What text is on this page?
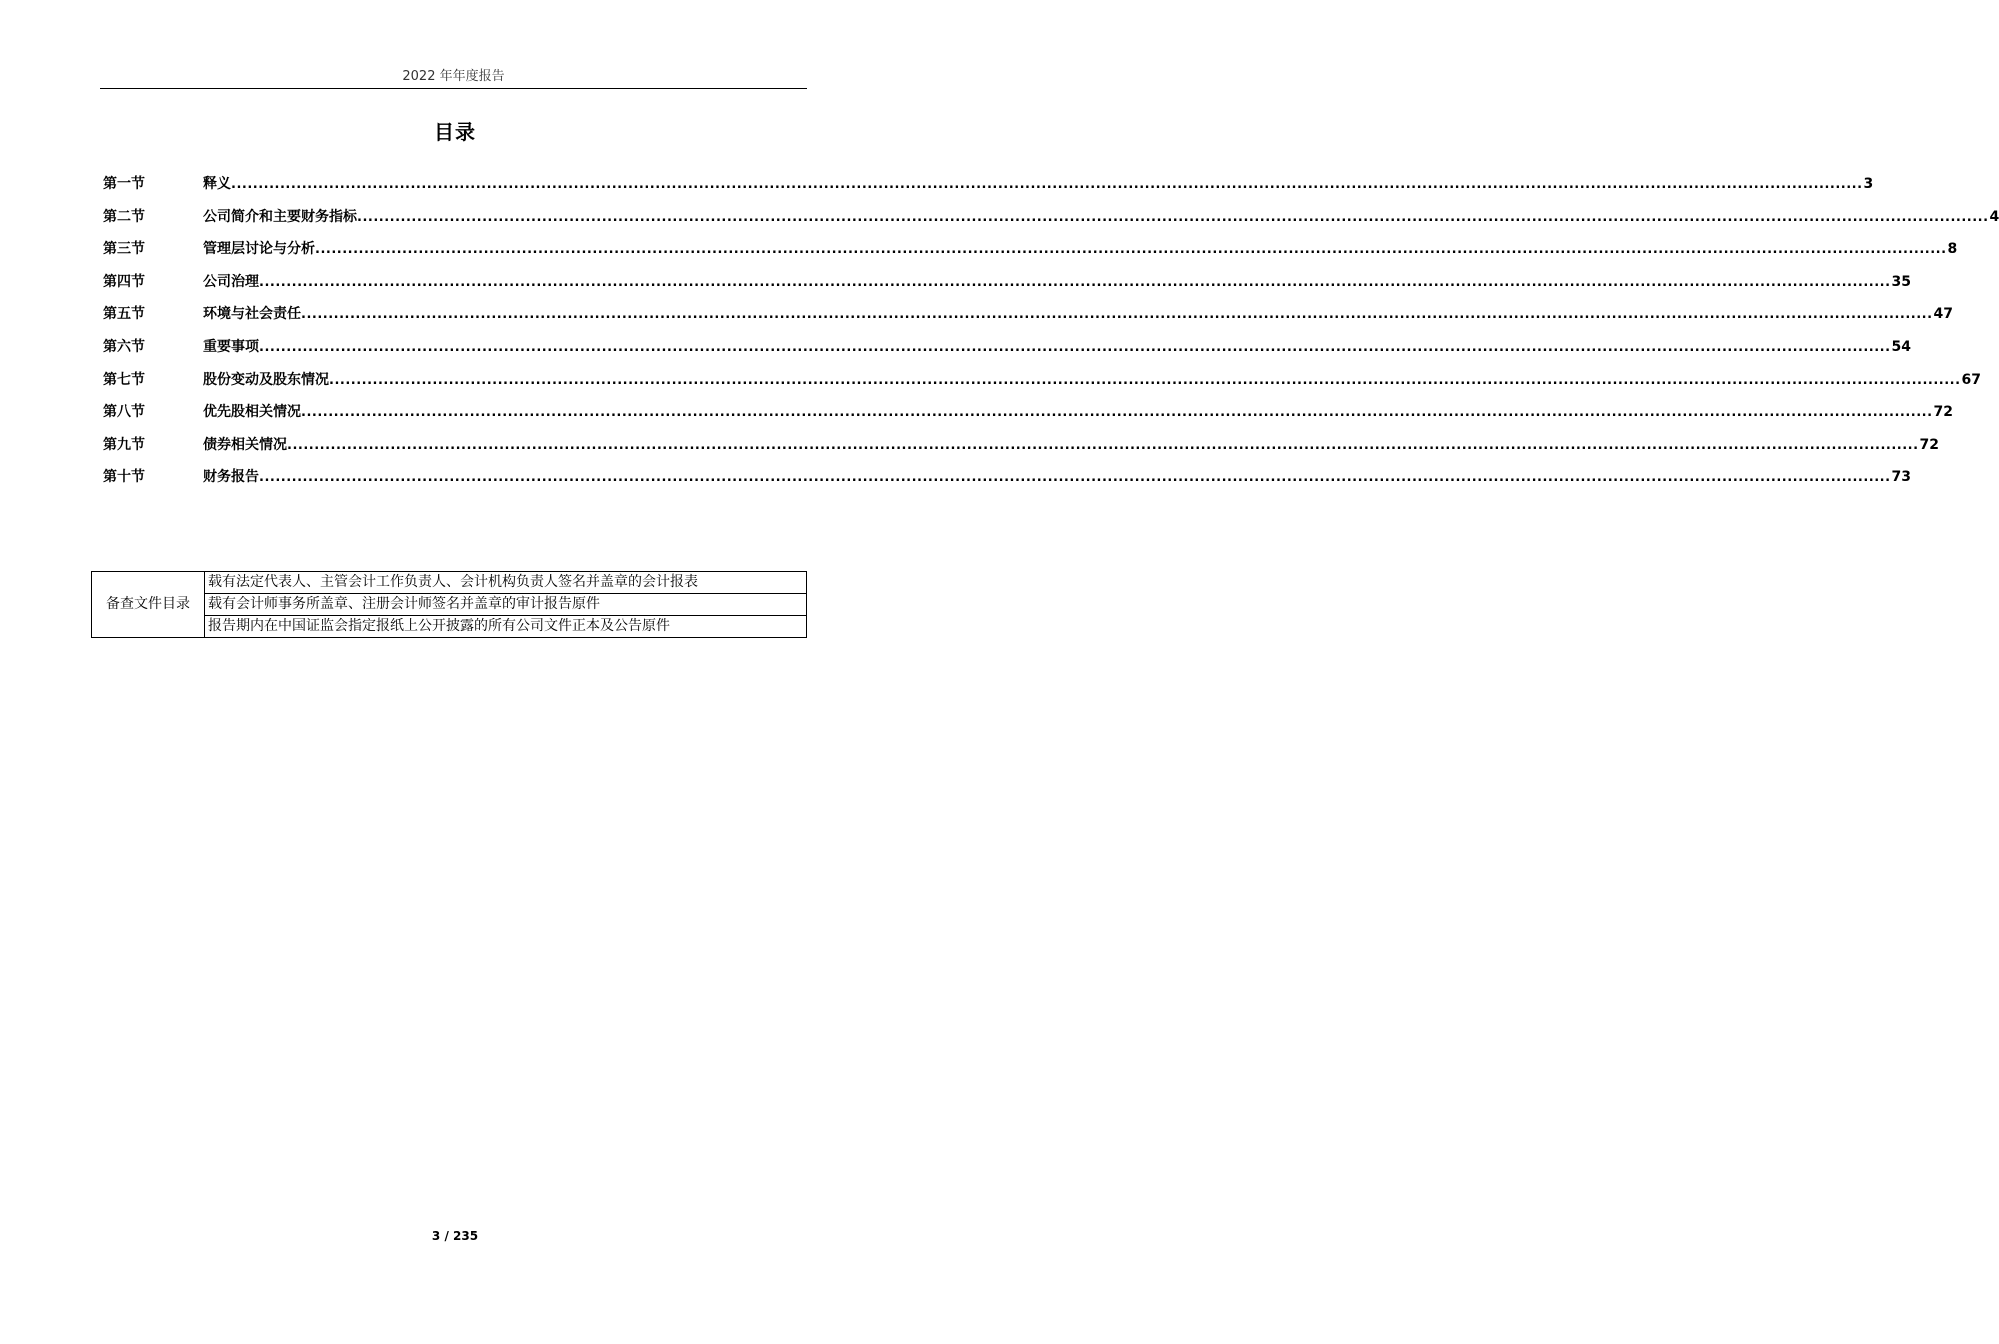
2022 年年度报告
目录
第一节	释义 ............................................................................................................................................................................................................................................................................................................ 3
第二节	公司简介和主要财务指标 ............................................................................................................................................................................................................................................................................................................ 4
第三节	管理层讨论与分析 ............................................................................................................................................................................................................................................................................................................ 8
第四节	公司治理 ............................................................................................................................................................................................................................................................................................................ 35
第五节	环境与社会责任 ............................................................................................................................................................................................................................................................................................................ 47
第六节	重要事项 ............................................................................................................................................................................................................................................................................................................ 54
第七节	股份变动及股东情况 ............................................................................................................................................................................................................................................................................................................ 67
第八节	优先股相关情况 ............................................................................................................................................................................................................................................................................................................ 72
第九节	债券相关情况 ............................................................................................................................................................................................................................................................................................................ 72
第十节	财务报告 ............................................................................................................................................................................................................................................................................................................ 73
备查文件目录	载有法定代表人、主管会计工作负责人、会计机构负责人签名并盖章的会计报表
载有会计师事务所盖章、注册会计师签名并盖章的审计报告原件
报告期内在中国证监会指定报纸上公开披露的所有公司文件正本及公告原件
3 / 235
